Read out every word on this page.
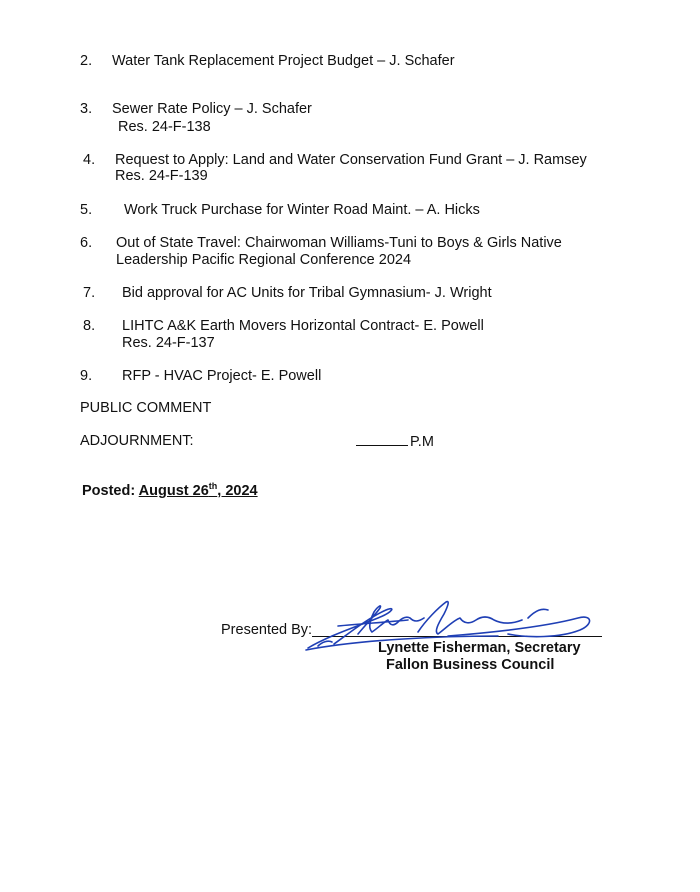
2. Water Tank Replacement Project Budget – J. Schafer
3. Sewer Rate Policy – J. Schafer
Res. 24-F-138
4. Request to Apply: Land and Water Conservation Fund Grant – J. Ramsey
Res. 24-F-139
5. Work Truck Purchase for Winter Road Maint. – A. Hicks
6. Out of State Travel: Chairwoman Williams-Tuni to Boys & Girls Native
Leadership Pacific Regional Conference 2024
7. Bid approval for AC Units for Tribal Gymnasium- J. Wright
8. LIHTC A&K Earth Movers Horizontal Contract- E. Powell
Res. 24-F-137
9. RFP - HVAC Project- E. Powell
PUBLIC COMMENT
ADJOURNMENT:	P.M
Posted: August 26th, 2024
Presented By:
Lynette Fisherman, Secretary
Fallon Business Council
